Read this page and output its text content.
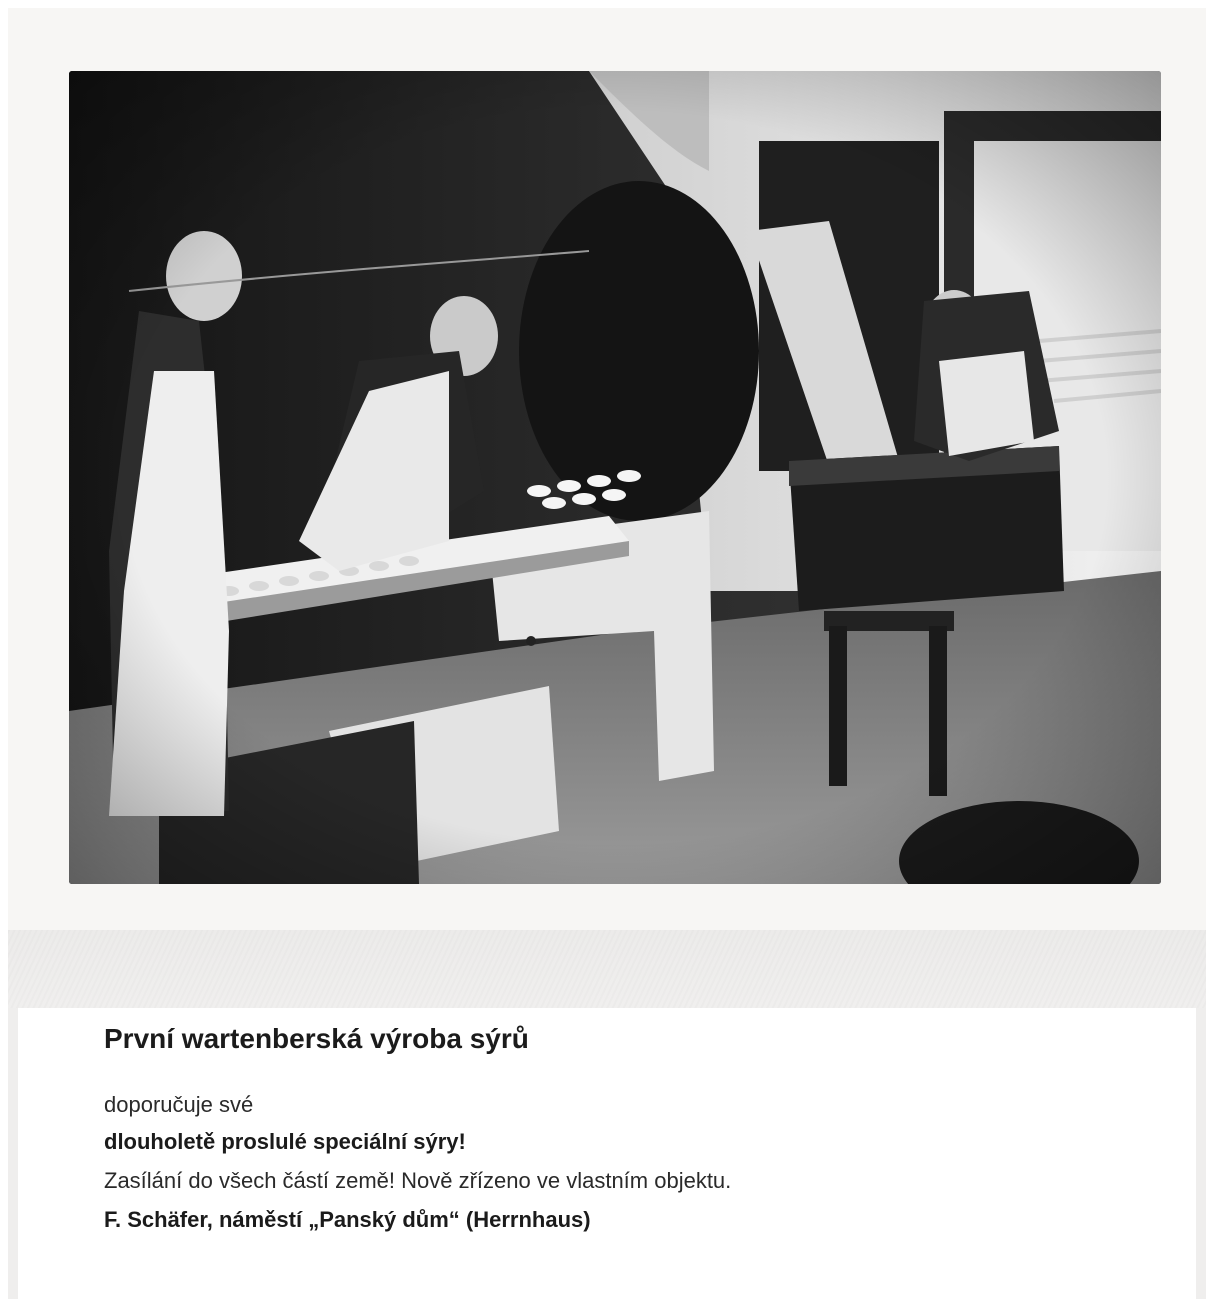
První wartenberská výroba sýrů
doporučuje své
dlouholetě proslulé speciální sýry!
Zasílání do všech částí země! Nově zřízeno ve vlastním objektu.
F. Schäfer, náměstí „Panský dům“ (Herrnhaus)
